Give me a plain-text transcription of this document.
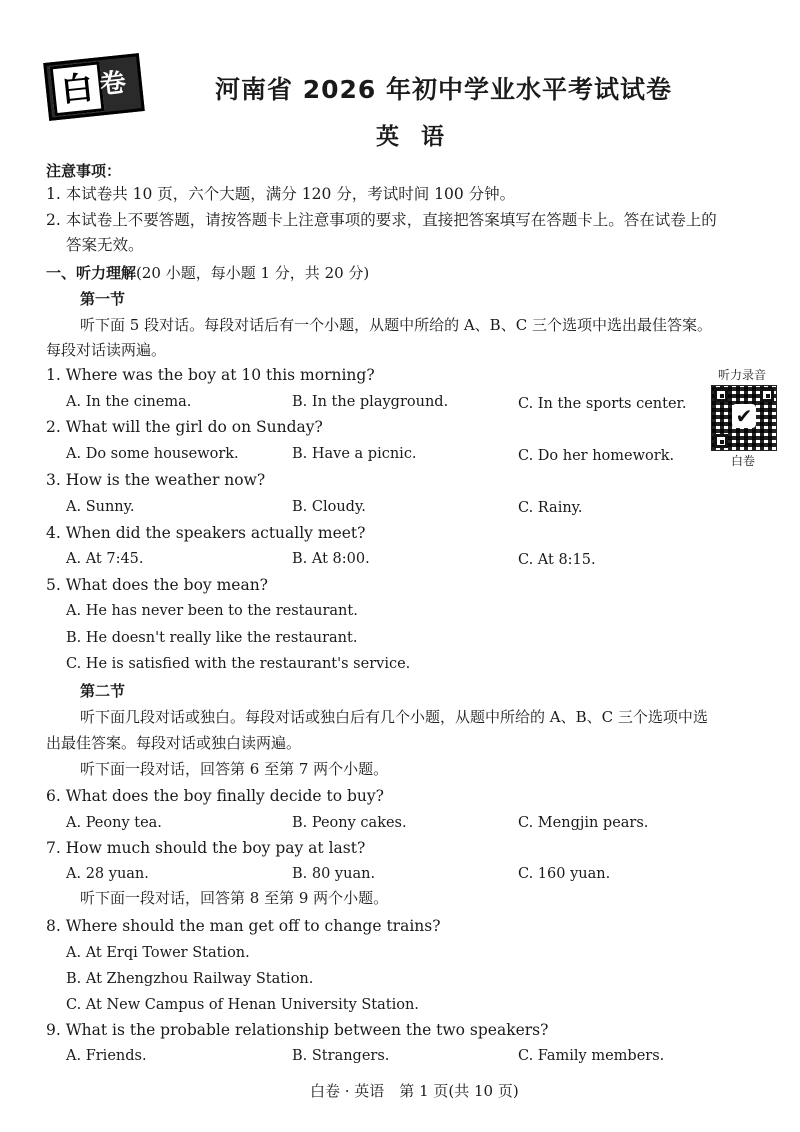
白 卷	河南省 2026 年初中学业水平考试试卷
英语
注意事项：
1. 本试卷共 10 页，六个大题，满分 120 分，考试时间 100 分钟。
2. 本试卷上不要答题，请按答题卡上注意事项的要求，直接把答案填写在答题卡上。答在试卷上的
答案无效。
一、听力理解(20 小题，每小题 1 分，共 20 分)
第一节
听下面 5 段对话。每段对话后有一个小题，从题中所给的 A、B、C 三个选项中选出最佳答案。
每段对话读两遍。
听力录音
✔
白卷
1. Where was the boy at 10 this morning?
A. In the cinema.	B. In the playground.	C. In the sports center.
2. What will the girl do on Sunday?
A. Do some housework.	B. Have a picnic.	C. Do her homework.
3. How is the weather now?
A. Sunny.	B. Cloudy.	C. Rainy.
4. When did the speakers actually meet?
A. At 7:45.	B. At 8:00.	C. At 8:15.
5. What does the boy mean?
A. He has never been to the restaurant.
B. He doesn't really like the restaurant.
C. He is satisfied with the restaurant's service.
第二节
听下面几段对话或独白。每段对话或独白后有几个小题，从题中所给的 A、B、C 三个选项中选
出最佳答案。每段对话或独白读两遍。
听下面一段对话，回答第 6 至第 7 两个小题。
6. What does the boy finally decide to buy?
A. Peony tea.	B. Peony cakes.	C. Mengjin pears.
7. How much should the boy pay at last?
A. 28 yuan.	B. 80 yuan.	C. 160 yuan.
听下面一段对话，回答第 8 至第 9 两个小题。
8. Where should the man get off to change trains?
A. At Erqi Tower Station.
B. At Zhengzhou Railway Station.
C. At New Campus of Henan University Station.
9. What is the probable relationship between the two speakers?
A. Friends.	B. Strangers.	C. Family members.
白卷 · 英语　第 1 页(共 10 页)
